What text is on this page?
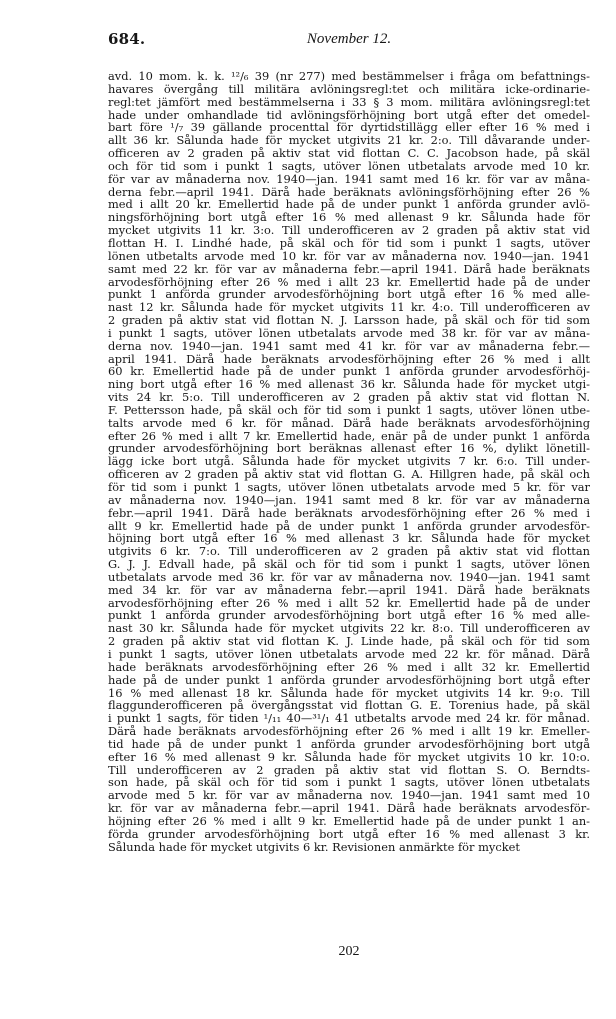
684.	November 12.
avd. 10 mom. k. k. ¹²/₆ 39 (nr 277) med bestämmelser i fråga om befattnings-
havares övergång till militära avlöningsregl:tet och militära icke-ordinarie-
regl:tet jämfört med bestämmelserna i 33 § 3 mom. militära avlöningsregl:tet
hade under omhandlade tid avlöningsförhöjning bort utgå efter det omedel-
bart före ¹/₇ 39 gällande procenttal för dyrtidstillägg eller efter 16 % med i
allt 36 kr. Sålunda hade för mycket utgivits 21 kr. 2:o. Till dåvarande under-
officeren av 2 graden på aktiv stat vid flottan C. C. Jacobson hade, på skäl
och för tid som i punkt 1 sagts, utöver lönen utbetalats arvode med 10 kr.
för var av månaderna nov. 1940—jan. 1941 samt med 16 kr. för var av måna-
derna febr.—april 1941. Därå hade beräknats avlöningsförhöjning efter 26 %
med i allt 20 kr. Emellertid hade på de under punkt 1 anförda grunder avlö-
ningsförhöjning bort utgå efter 16 % med allenast 9 kr. Sålunda hade för
mycket utgivits 11 kr. 3:o. Till underofficeren av 2 graden på aktiv stat vid
flottan H. I. Lindhé hade, på skäl och för tid som i punkt 1 sagts, utöver
lönen utbetalts arvode med 10 kr. för var av månaderna nov. 1940—jan. 1941
samt med 22 kr. för var av månaderna febr.—april 1941. Därå hade beräknats
arvodesförhöjning efter 26 % med i allt 23 kr. Emellertid hade på de under
punkt 1 anförda grunder arvodesförhöjning bort utgå efter 16 % med alle-
nast 12 kr. Sålunda hade för mycket utgivits 11 kr. 4:o. Till underofficeren av
2 graden på aktiv stat vid flottan N. J. Larsson hade, på skäl och för tid som
i punkt 1 sagts, utöver lönen utbetalats arvode med 38 kr. för var av måna-
derna nov. 1940—jan. 1941 samt med 41 kr. för var av månaderna febr.—
april 1941. Därå hade beräknats arvodesförhöjning efter 26 % med i allt
60 kr. Emellertid hade på de under punkt 1 anförda grunder arvodesförhöj-
ning bort utgå efter 16 % med allenast 36 kr. Sålunda hade för mycket utgi-
vits 24 kr. 5:o. Till underofficeren av 2 graden på aktiv stat vid flottan N.
F. Pettersson hade, på skäl och för tid som i punkt 1 sagts, utöver lönen utbe-
talts arvode med 6 kr. för månad. Därå hade beräknats arvodesförhöjning
efter 26 % med i allt 7 kr. Emellertid hade, enär på de under punkt 1 anförda
grunder arvodesförhöjning bort beräknas allenast efter 16 %, dylikt lönetill-
lägg icke bort utgå. Sålunda hade för mycket utgivits 7 kr. 6:o. Till under-
officeren av 2 graden på aktiv stat vid flottan G. A. Hillgren hade, på skäl och
för tid som i punkt 1 sagts, utöver lönen utbetalats arvode med 5 kr. för var
av månaderna nov. 1940—jan. 1941 samt med 8 kr. för var av månaderna
febr.—april 1941. Därå hade beräknats arvodesförhöjning efter 26 % med i
allt 9 kr. Emellertid hade på de under punkt 1 anförda grunder arvodesför-
höjning bort utgå efter 16 % med allenast 3 kr. Sålunda hade för mycket
utgivits 6 kr. 7:o. Till underofficeren av 2 graden på aktiv stat vid flottan
G. J. J. Edvall hade, på skäl och för tid som i punkt 1 sagts, utöver lönen
utbetalats arvode med 36 kr. för var av månaderna nov. 1940—jan. 1941 samt
med 34 kr. för var av månaderna febr.—april 1941. Därå hade beräknats
arvodesförhöjning efter 26 % med i allt 52 kr. Emellertid hade på de under
punkt 1 anförda grunder arvodesförhöjning bort utgå efter 16 % med alle-
nast 30 kr. Sålunda hade för mycket utgivits 22 kr. 8:o. Till underofficeren av
2 graden på aktiv stat vid flottan K. J. Linde hade, på skäl och för tid som
i punkt 1 sagts, utöver lönen utbetalats arvode med 22 kr. för månad. Därå
hade beräknats arvodesförhöjning efter 26 % med i allt 32 kr. Emellertid
hade på de under punkt 1 anförda grunder arvodesförhöjning bort utgå efter
16 % med allenast 18 kr. Sålunda hade för mycket utgivits 14 kr. 9:o. Till
flaggunderofficeren på övergångsstat vid flottan G. E. Torenius hade, på skäl
i punkt 1 sagts, för tiden ¹/₁₁ 40—³¹/₁ 41 utbetalts arvode med 24 kr. för månad.
Därå hade beräknats arvodesförhöjning efter 26 % med i allt 19 kr. Emeller-
tid hade på de under punkt 1 anförda grunder arvodesförhöjning bort utgå
efter 16 % med allenast 9 kr. Sålunda hade för mycket utgivits 10 kr. 10:o.
Till underofficeren av 2 graden på aktiv stat vid flottan S. O. Berndts-
son hade, på skäl och för tid som i punkt 1 sagts, utöver lönen utbetalats
arvode med 5 kr. för var av månaderna nov. 1940—jan. 1941 samt med 10
kr. för var av månaderna febr.—april 1941. Därå hade beräknats arvodesför-
höjning efter 26 % med i allt 9 kr. Emellertid hade på de under punkt 1 an-
förda grunder arvodesförhöjning bort utgå efter 16 % med allenast 3 kr.
Sålunda hade för mycket utgivits 6 kr. Revisionen anmärkte för mycket
202
